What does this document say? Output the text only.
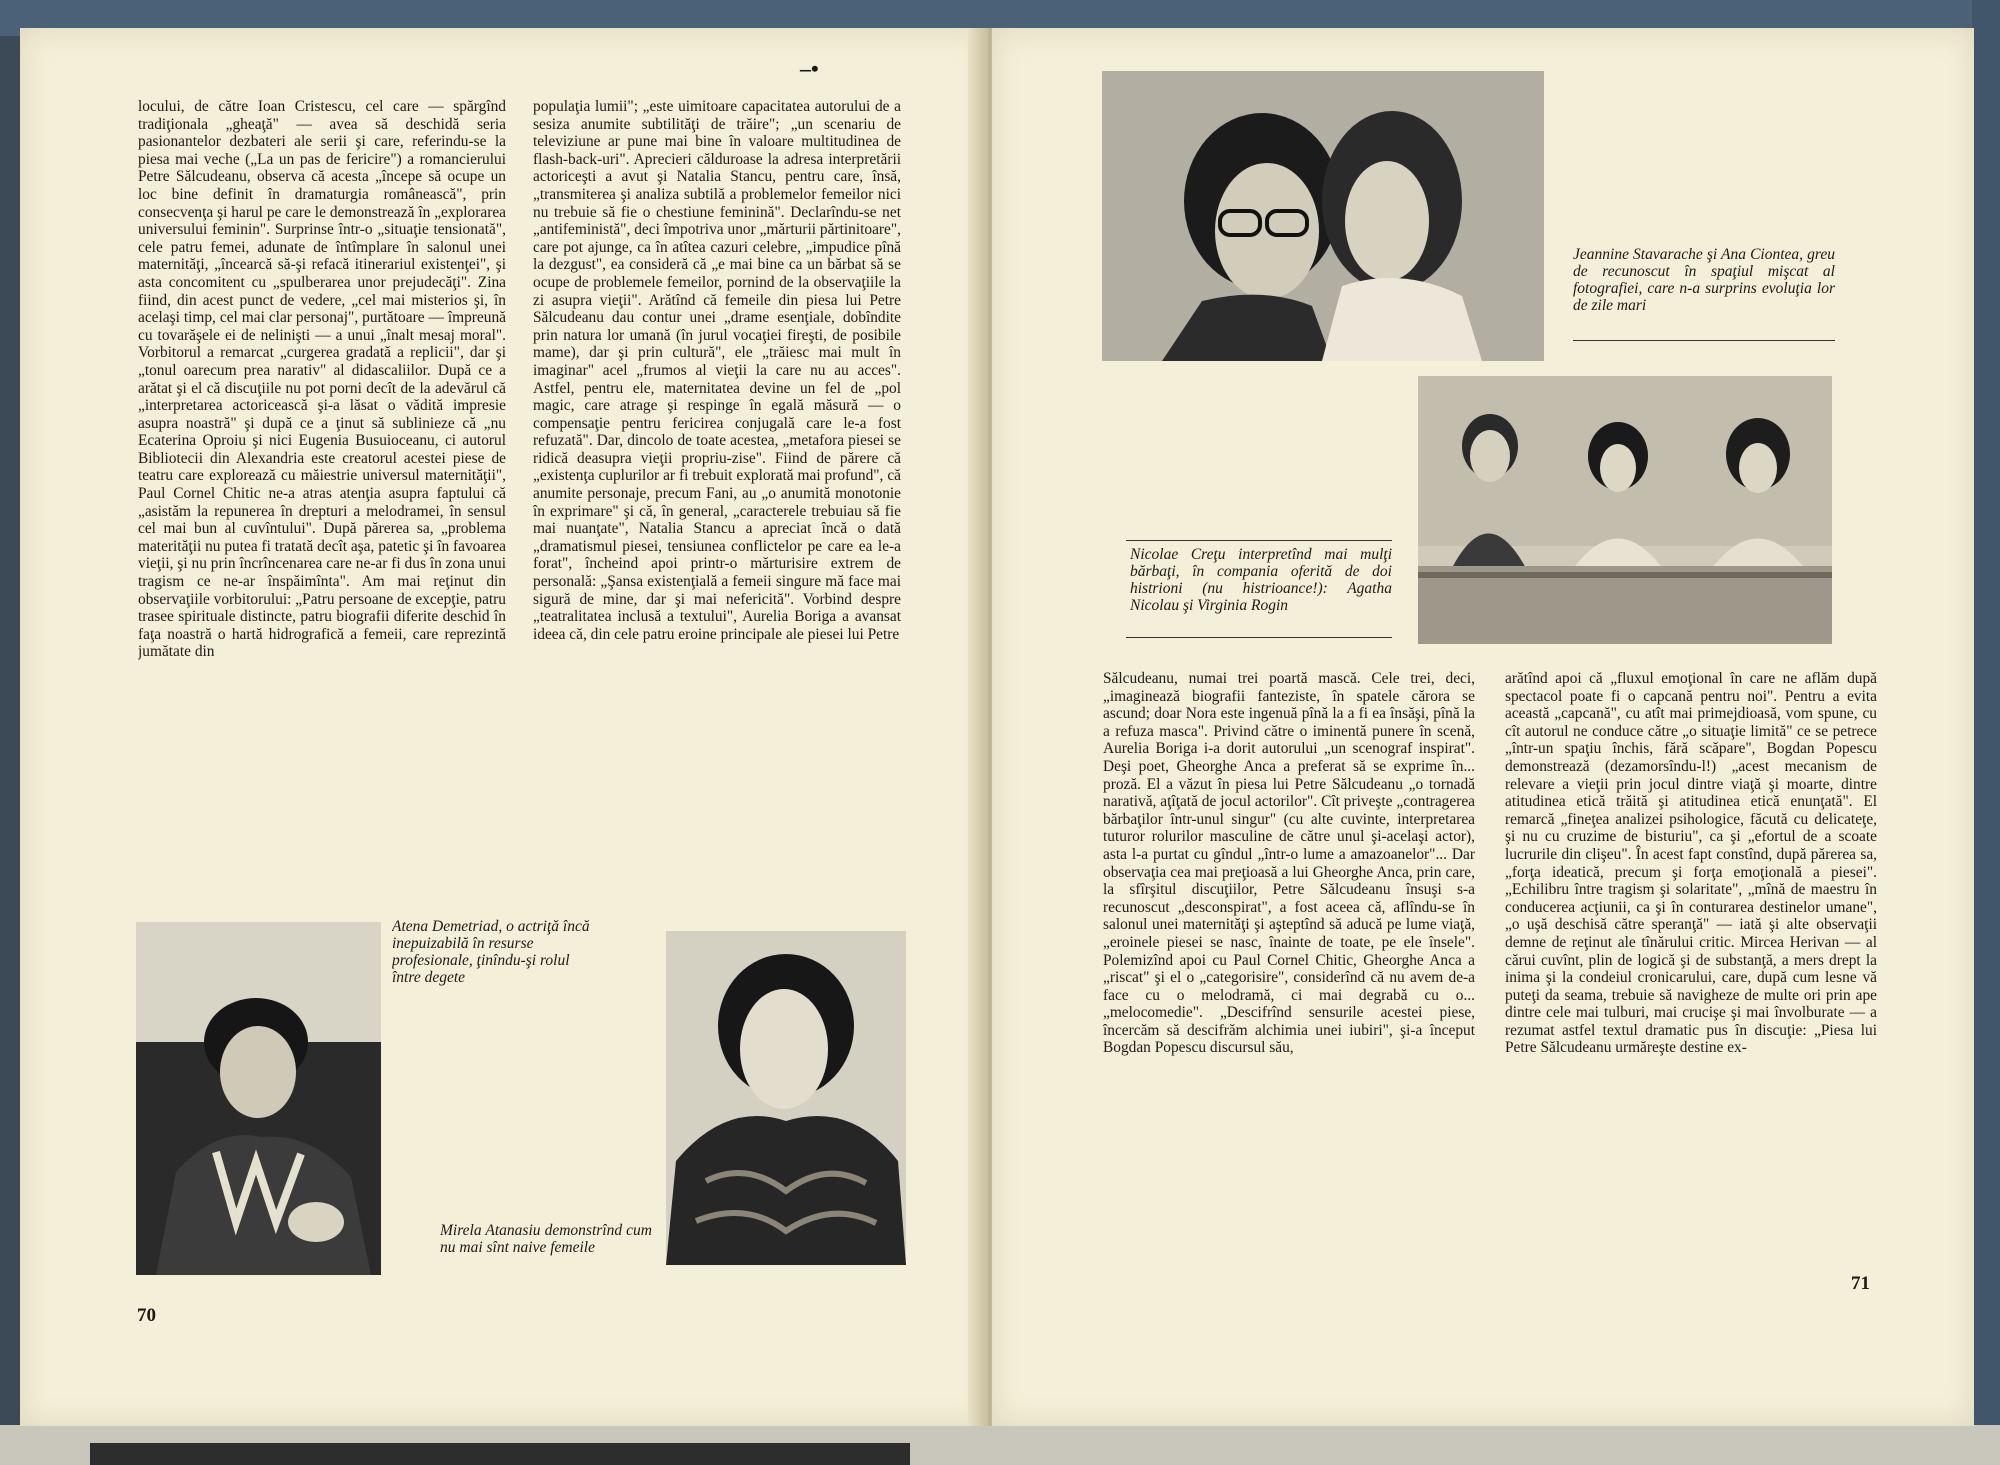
–•

locului, de către Ioan Cristescu, cel care — spărgînd tradiţionala „gheaţă" — avea să deschidă seria pasionantelor dezbateri ale serii şi care, referindu-se la piesa mai veche („La un pas de fericire") a romancierului Petre Sălcudeanu, observa că acesta „începe să ocupe un loc bine definit în dramaturgia românească", prin consecvenţa şi harul pe care le demonstrează în „explorarea universului feminin". Surprinse într-o „situaţie tensionată", cele patru femei, adunate de întîmplare în salonul unei maternităţi, „încearcă să-şi refacă itinerariul existenţei", şi asta concomitent cu „spulberarea unor prejudecăţi". Zina fiind, din acest punct de vedere, „cel mai misterios şi, în acelaşi timp, cel mai clar personaj", purtătoare — împreună cu tovarăşele ei de nelinişti — a unui „înalt mesaj moral". Vorbitorul a remarcat „curgerea gradată a replicii", dar şi „tonul oarecum prea narativ" al didascaliilor. După ce a arătat şi el că discuţiile nu pot porni decît de la adevărul că „interpretarea actoricească şi-a lăsat o vădită impresie asupra noastră" şi după ce a ţinut să sublinieze că „nu Ecaterina Oproiu şi nici Eugenia Busuioceanu, ci autorul Bibliotecii din Alexandria este creatorul acestei piese de teatru care explorează cu măiestrie universul maternităţii", Paul Cornel Chitic ne-a atras atenţia asupra faptului că „asistăm la repunerea în drepturi a melodramei, în sensul cel mai bun al cuvîntului". După părerea sa, „problema materităţii nu putea fi tratată decît aşa, patetic şi în favoarea vieţii, şi nu prin încrîncenarea care ne-ar fi dus în zona unui tragism ce ne-ar înspăimînta". Am mai reţinut din observaţiile vorbitorului: „Patru persoane de excepţie, patru trasee spirituale distincte, patru biografii diferite deschid în faţa noastră o hartă hidrografică a femeii, care reprezintă jumătate din

populaţia lumii"; „este uimitoare capacitatea autorului de a sesiza anumite subtilităţi de trăire"; „un scenariu de televiziune ar pune mai bine în valoare multitudinea de flash-back-uri". Aprecieri călduroase la adresa interpretării actoriceşti a avut şi Natalia Stancu, pentru care, însă, „transmiterea şi analiza subtilă a problemelor femeilor nici nu trebuie să fie o chestiune feminină". Declarîndu-se net „antifeministă", deci împotriva unor „mărturii părtinitoare", care pot ajunge, ca în atîtea cazuri celebre, „impudice pînă la dezgust", ea consideră că „e mai bine ca un bărbat să se ocupe de problemele femeilor, pornind de la observaţiile la zi asupra vieţii". Arătînd că femeile din piesa lui Petre Sălcudeanu dau contur unei „drame esenţiale, dobîndite prin natura lor umană (în jurul vocaţiei fireşti, de posibile mame), dar şi prin cultură", ele „trăiesc mai mult în imaginar" acel „frumos al vieţii la care nu au acces". Astfel, pentru ele, maternitatea devine un fel de „pol magic, care atrage şi respinge în egală măsură — o compensaţie pentru fericirea conjugală care le-a fost refuzată". Dar, dincolo de toate acestea, „metafora piesei se ridică deasupra vieţii propriu-zise". Fiind de părere că „existenţa cuplurilor ar fi trebuit explorată mai profund", că anumite personaje, precum Fani, au „o anumită monotonie în exprimare" şi că, în general, „caracterele trebuiau să fie mai nuanţate", Natalia Stancu a apreciat încă o dată „dramatismul piesei, tensiunea conflictelor pe care ea le-a forat", încheind apoi printr-o mărturisire extrem de personală: „Şansa existenţială a femeii singure mă face mai sigură de mine, dar şi mai nefericită". Vorbind despre „teatralitatea inclusă a textului", Aurelia Boriga a avansat ideea că, din cele patru eroine principale ale piesei lui Petre

Atena Demetriad, o actriţă încă inepuizabilă în resurse profesionale, ţinîndu-şi rolul între degete
Mirela Atanasiu demonstrînd cum nu mai sînt naive femeile
70
Jeannine Stavarache şi Ana Ciontea, greu de recunoscut în spaţiul mişcat al fotografiei, care n-a surprins evoluţia lor de zile mari
Nicolae Creţu interpretînd mai mulţi bărbaţi, în compania oferită de doi histrioni (nu histrioance!): Agatha Nicolau şi Virginia Rogin

Sălcudeanu, numai trei poartă mască. Cele trei, deci, „imaginează biografii fanteziste, în spatele cărora se ascund; doar Nora este ingenuă pînă la a fi ea însăşi, pînă la a refuza masca". Privind către o iminentă punere în scenă, Aurelia Boriga i-a dorit autorului „un scenograf inspirat". Deşi poet, Gheorghe Anca a preferat să se exprime în... proză. El a văzut în piesa lui Petre Sălcudeanu „o tornadă narativă, aţîţată de jocul actorilor". Cît priveşte „contragerea bărbaţilor într-unul singur" (cu alte cuvinte, interpretarea tuturor rolurilor masculine de către unul şi-acelaşi actor), asta l-a purtat cu gîndul „într-o lume a amazoanelor"... Dar observaţia cea mai preţioasă a lui Gheorghe Anca, prin care, la sfîrşitul discuţiilor, Petre Sălcudeanu însuşi s-a recunoscut „desconspirat", a fost aceea că, aflîndu-se în salonul unei maternităţi şi aşteptînd să aducă pe lume viaţă, „eroinele piesei se nasc, înainte de toate, pe ele însele". Polemizînd apoi cu Paul Cornel Chitic, Gheorghe Anca a „riscat" şi el o „categorisire", considerînd că nu avem de-a face cu o melodramă, ci mai degrabă cu o... „melocomedie". „Descifrînd sensurile acestei piese, încercăm să descifrăm alchimia unei iubiri", şi-a început Bogdan Popescu discursul său,

arătînd apoi că „fluxul emoţional în care ne aflăm după spectacol poate fi o capcană pentru noi". Pentru a evita această „capcană", cu atît mai primejdioasă, vom spune, cu cît autorul ne conduce către „o situaţie limită" ce se petrece „într-un spaţiu închis, fără scăpare", Bogdan Popescu demonstrează (dezamorsîndu-l!) „acest mecanism de relevare a vieţii prin jocul dintre viaţă şi moarte, dintre atitudinea etică trăită şi atitudinea etică enunţată". El remarcă „fineţea analizei psihologice, făcută cu delicateţe, şi nu cu cruzime de bisturiu", ca şi „efortul de a scoate lucrurile din clişeu". În acest fapt constînd, după părerea sa, „forţa ideatică, precum şi forţa emoţională a piesei". „Echilibru între tragism şi solaritate", „mînă de maestru în conducerea acţiunii, ca şi în conturarea destinelor umane", „o uşă deschisă către speranţă" — iată şi alte observaţii demne de reţinut ale tînărului critic. Mircea Herivan — al cărui cuvînt, plin de logică şi de substanţă, a mers drept la inima şi la condeiul cronicarului, care, după cum lesne vă puteţi da seama, trebuie să navigheze de multe ori prin ape dintre cele mai tulburi, mai crucişe şi mai învolburate — a rezumat astfel textul dramatic pus în discuţie: „Piesa lui Petre Sălcudeanu urmăreşte destine ex-

71
